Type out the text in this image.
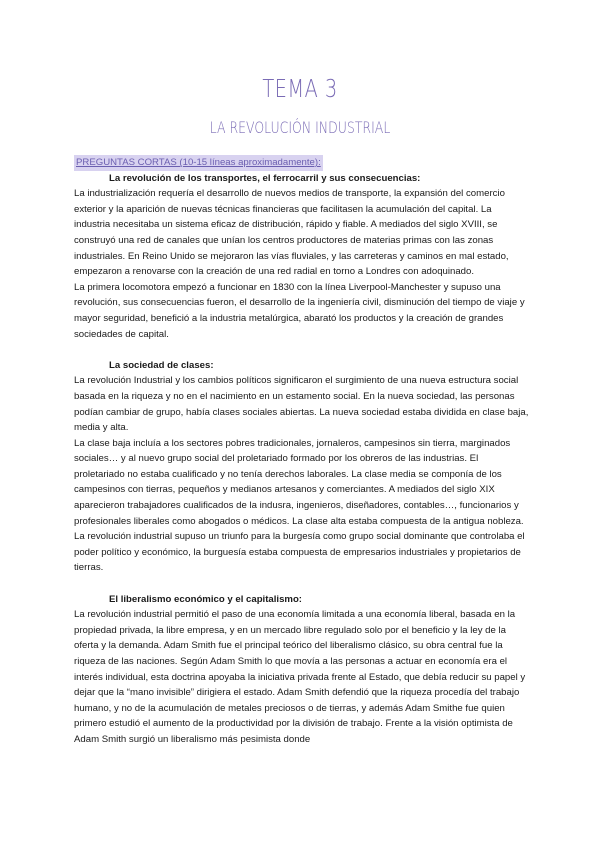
TEMA 3
LA REVOLUCIÓN INDUSTRIAL
PREGUNTAS CORTAS (10-15 líneas aproximadamente):

La revolución de los transportes, el ferrocarril y sus consecuencias:

La industrialización requería el desarrollo de nuevos medios de transporte, la expansión del comercio exterior y la aparición de nuevas técnicas financieras que facilitasen la acumulación del capital. La industria necesitaba un sistema eficaz de distribución, rápido y fiable. A mediados del siglo XVIII, se construyó una red de canales que unían los centros productores de materias primas con las zonas industriales. En Reino Unido se mejoraron las vías fluviales, y las carreteras y caminos en mal estado, empezaron a renovarse con la creación de una red radial en torno a Londres con adoquinado.

La primera locomotora empezó a funcionar en 1830 con la línea Liverpool-Manchester y supuso una revolución, sus consecuencias fueron, el desarrollo de la ingeniería civil, disminución del tiempo de viaje y mayor seguridad, benefició a la industria metalúrgica, abarató los productos y la creación de grandes sociedades de capital.

La sociedad de clases:

La revolución Industrial y los cambios políticos significaron el surgimiento de una nueva estructura social basada en la riqueza y no en el nacimiento en un estamento social. En la nueva sociedad, las personas podían cambiar de grupo, había clases sociales abiertas. La nueva sociedad estaba dividida en clase baja, media y alta.

La clase baja incluía a los sectores pobres tradicionales, jornaleros, campesinos sin tierra, marginados sociales… y al nuevo grupo social del proletariado formado por los obreros de las industrias. El proletariado no estaba cualificado y no tenía derechos laborales. La clase media se componía de los campesinos con tierras, pequeños y medianos artesanos y comerciantes. A mediados del siglo XIX aparecieron trabajadores cualificados de la indusra, ingenieros, diseñadores, contables…, funcionarios y profesionales liberales como abogados o médicos. La clase alta estaba compuesta de la antigua nobleza. La revolución industrial supuso un triunfo para la burgesía como grupo social dominante que controlaba el poder político y económico, la burguesía estaba compuesta de empresarios industriales y propietarios de tierras.

El liberalismo económico y el capitalismo:

La revolución industrial permitió el paso de una economía limitada a una economía liberal, basada en la propiedad privada, la libre empresa, y en un mercado libre regulado solo por el beneficio y la ley de la oferta y la demanda. Adam Smith fue el principal teórico del liberalismo clásico, su obra central fue la riqueza de las naciones. Según Adam Smith lo que movía a las personas a actuar en economía era el interés individual, esta doctrina apoyaba la iniciativa privada frente al Estado, que debía reducir su papel y dejar que la “mano invisible” dirigiera el estado. Adam Smith defendió que la riqueza procedía del trabajo humano, y no de la acumulación de metales preciosos o de tierras, y además Adam Smithe fue quien primero estudió el aumento de la productividad por la división de trabajo. Frente a la visión optimista de Adam Smith surgió un liberalismo más pesimista donde
